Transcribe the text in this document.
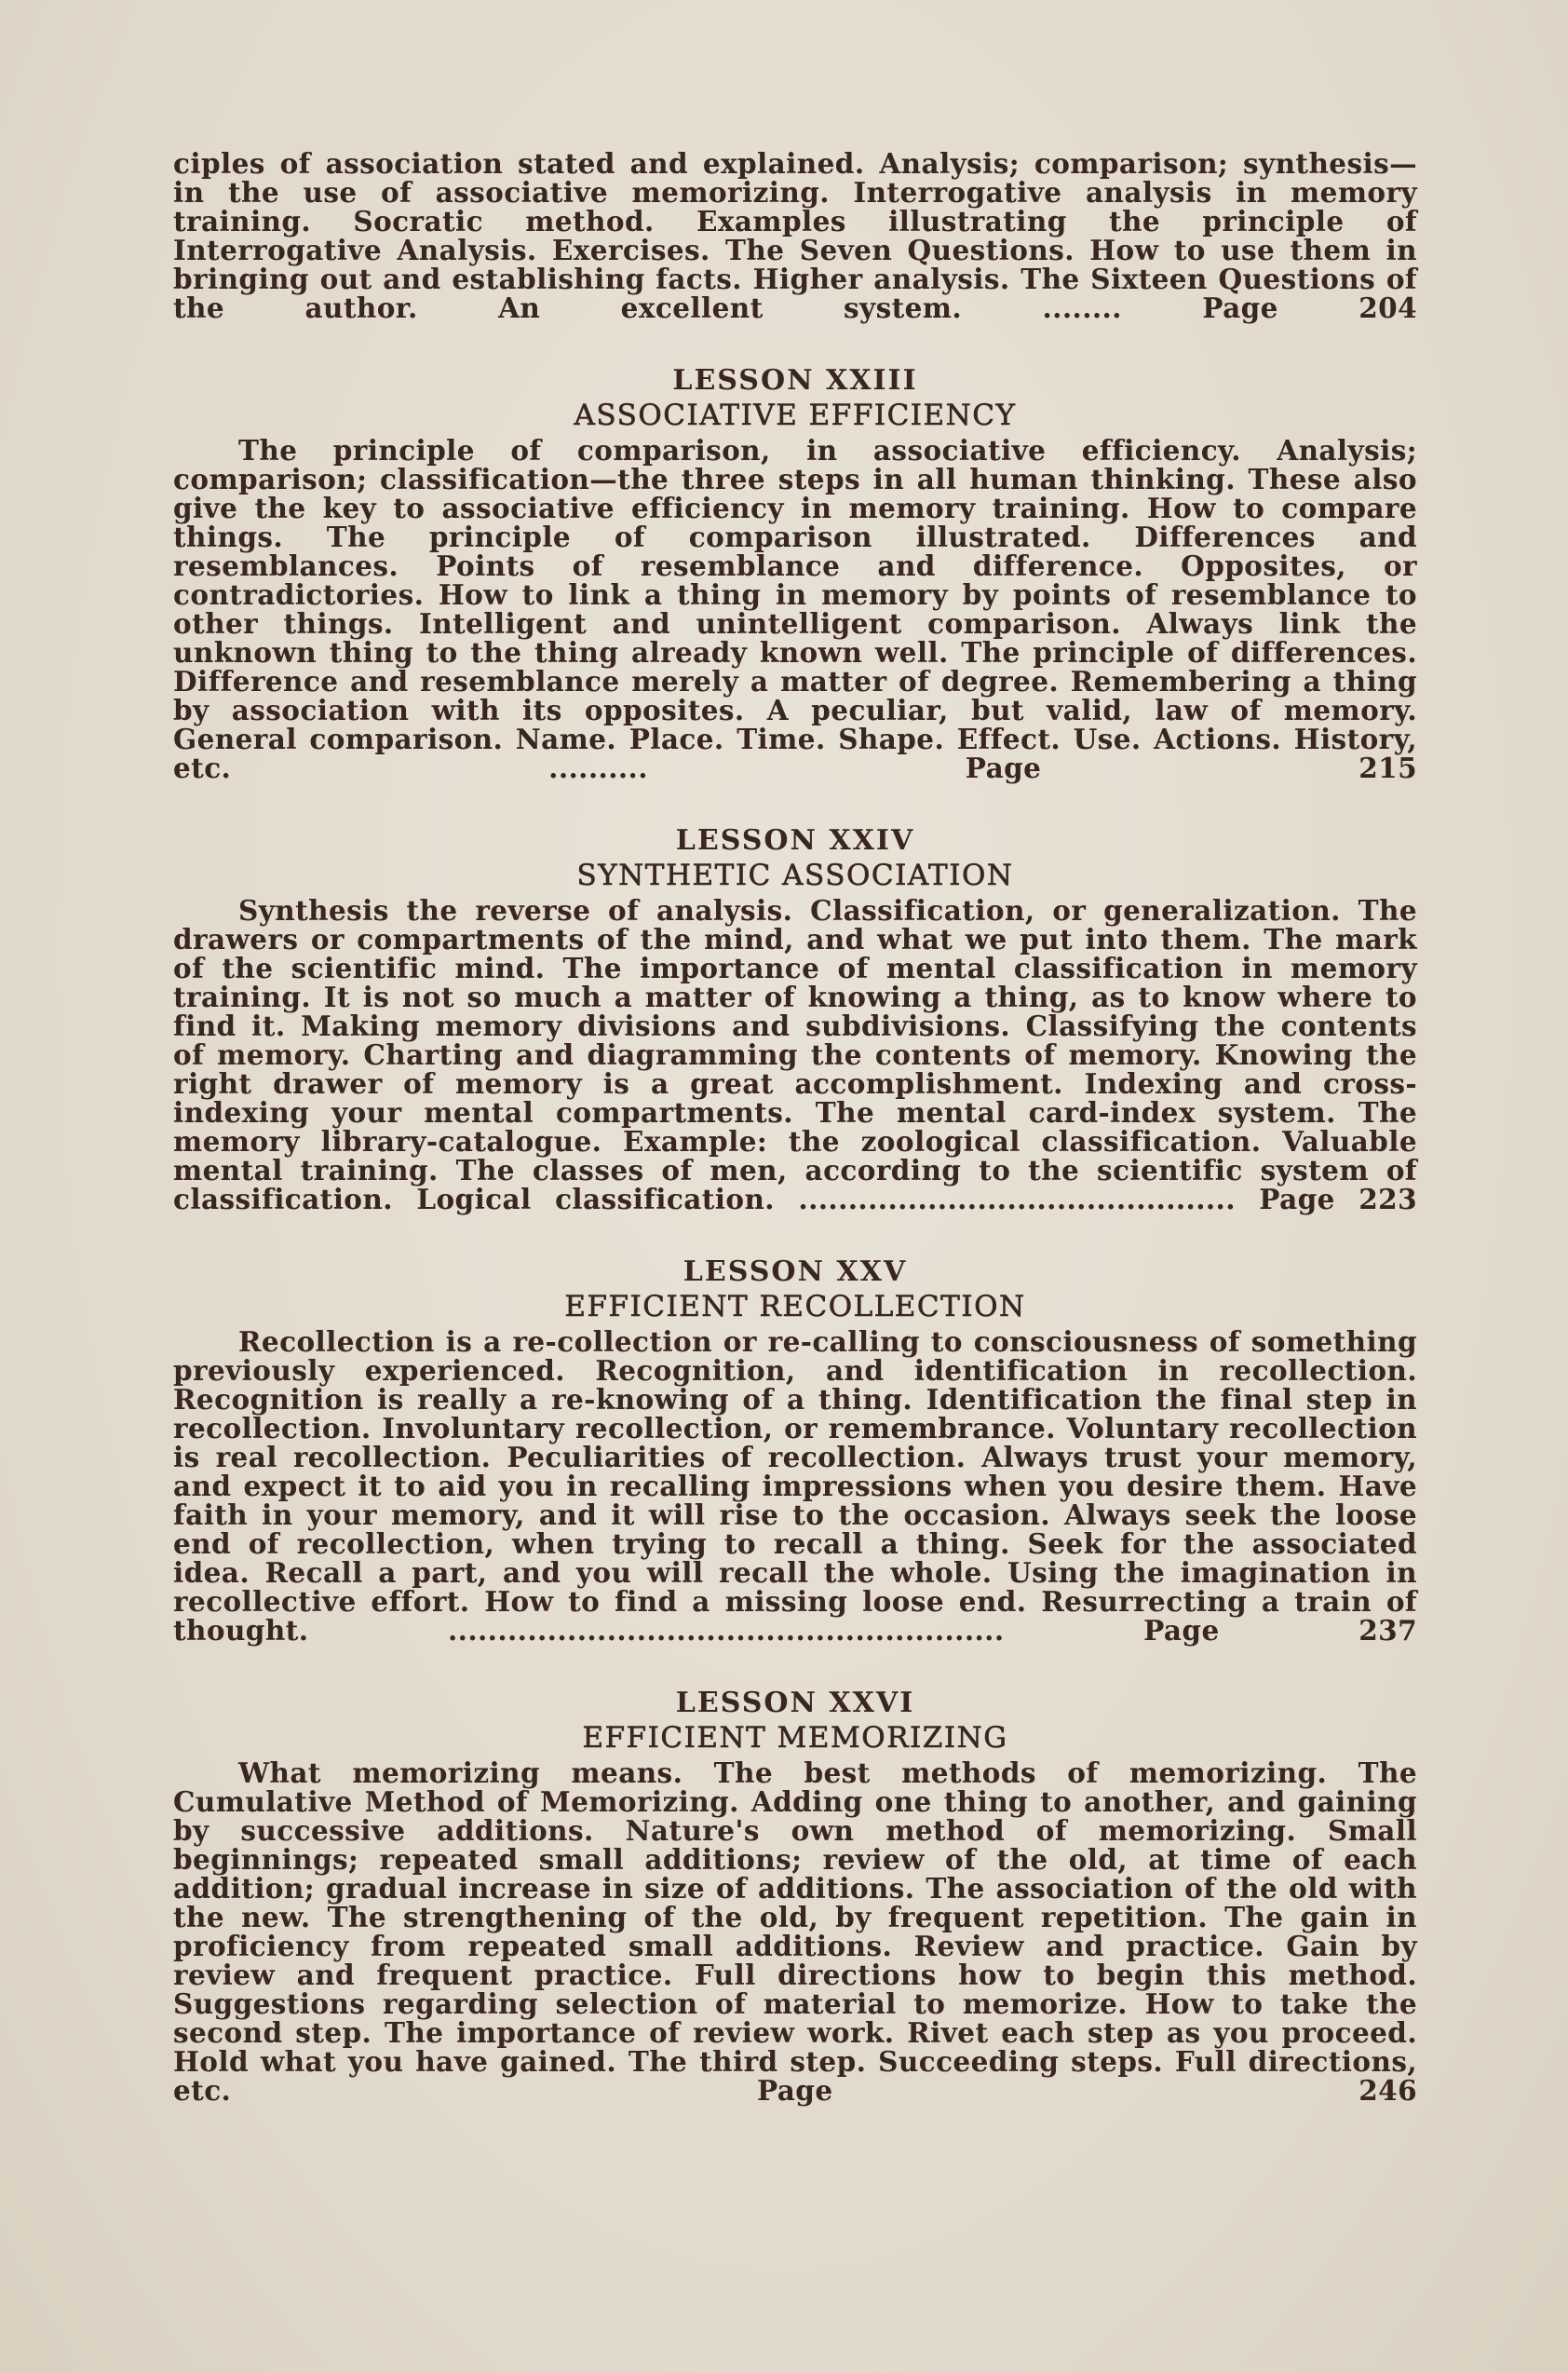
ciples of association stated and explained. Analysis; comparison; synthesis—in the use of associative memorizing. Interrogative analysis in memory training. Socratic method. Examples illustrating the principle of Interrogative Analysis. Exercises. The Seven Questions. How to use them in bringing out and establishing facts. Higher analysis. The Sixteen Questions of the author. An excellent system.	........ Page 204

LESSON XXIII

ASSOCIATIVE EFFICIENCY

The principle of comparison, in associative efficiency. Analysis; comparison; classification—the three steps in all human thinking. These also give the key to associative efficiency in memory training. How to compare things. The principle of comparison illustrated. Differences and resemblances. Points of resemblance and difference. Opposites, or contradictories. How to link a thing in memory by points of resemblance to other things. Intelligent and unintelligent comparison. Always link the unknown thing to the thing already known well. The principle of differences. Difference and resemblance merely a matter of degree. Remembering a thing by association with its opposites. A peculiar, but valid, law of memory. General comparison. Name. Place. Time. Shape. Effect. Use. Actions. History, etc.	.......... Page 215

LESSON XXIV

SYNTHETIC ASSOCIATION

Synthesis the reverse of analysis. Classification, or generalization. The drawers or compartments of the mind, and what we put into them. The mark of the scientific mind. The importance of mental classification in memory training. It is not so much a matter of knowing a thing, as to know where to find it. Making memory divisions and subdivisions. Classifying the contents of memory. Charting and diagramming the contents of memory. Knowing the right drawer of memory is a great accomplishment. Indexing and cross-indexing your mental compartments. The mental card-index system. The memory library-catalogue. Example: the zoological classification. Valuable mental training. The classes of men, according to the scientific system of classification. Logical classification. ............................................ Page 223

LESSON XXV

EFFICIENT RECOLLECTION

Recollection is a re-collection or re-calling to consciousness of something previously experienced. Recognition, and identification in recollection. Recognition is really a re-knowing of a thing. Identification the final step in recollection. Involuntary recollection, or remembrance. Voluntary recollection is real recollection. Peculiarities of recollection. Always trust your memory, and expect it to aid you in recalling impressions when you desire them. Have faith in your memory, and it will rise to the occasion. Always seek the loose end of recollection, when trying to recall a thing. Seek for the associated idea. Recall a part, and you will recall the whole. Using the imagination in recollective effort. How to find a missing loose end. Resurrecting a train of thought.	........................................................ Page 237

LESSON XXVI

EFFICIENT MEMORIZING

What memorizing means. The best methods of memorizing. The Cumulative Method of Memorizing. Adding one thing to another, and gaining by successive additions. Nature's own method of memorizing. Small beginnings; repeated small additions; review of the old, at time of each addition; gradual increase in size of additions. The association of the old with the new. The strengthening of the old, by frequent repetition. The gain in proficiency from repeated small additions. Review and practice. Gain by review and frequent practice. Full directions how to begin this method. Suggestions regarding selection of material to memorize. How to take the second step. The importance of review work. Rivet each step as you proceed. Hold what you have gained. The third step. Succeeding steps. Full directions, etc.	Page 246
